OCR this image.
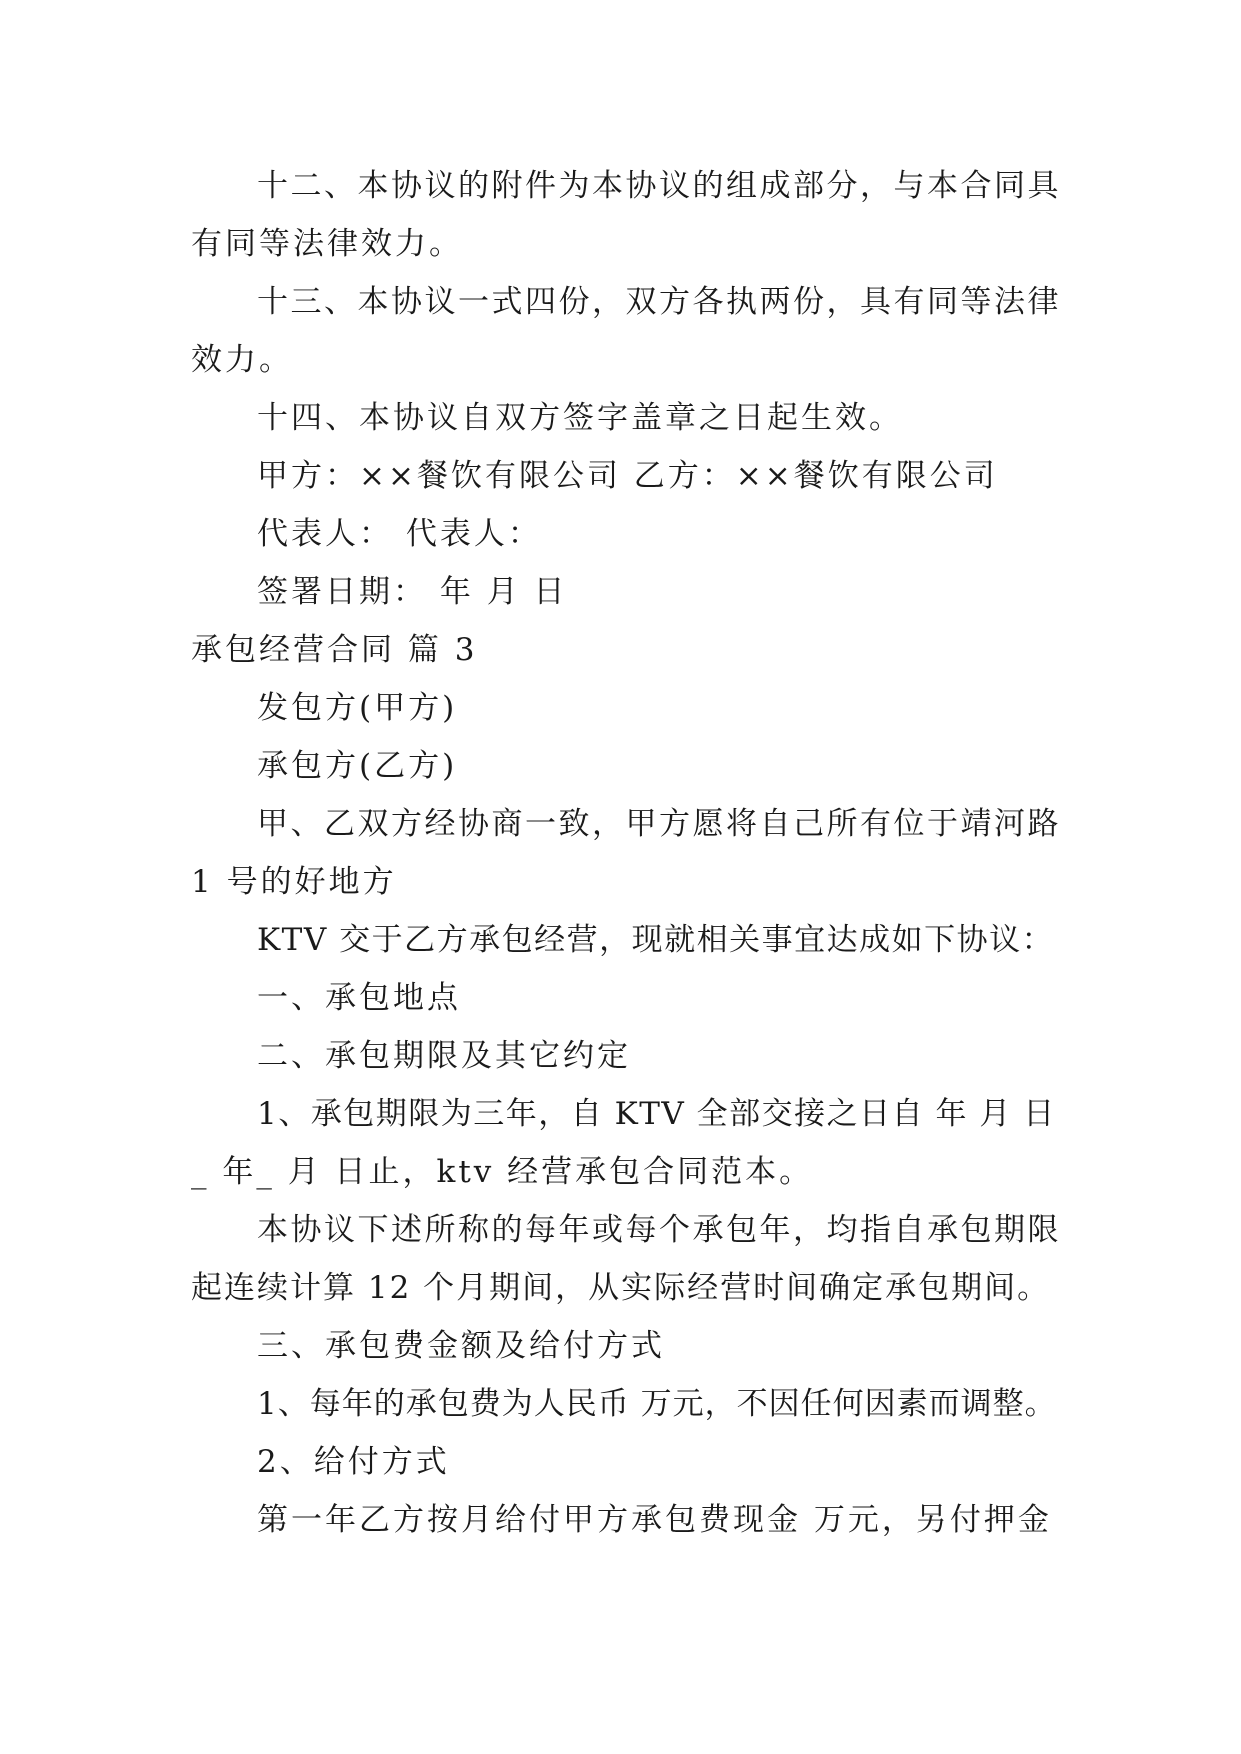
十二、本协议的附件为本协议的组成部分，与本合同具
有同等法律效力。
十三、本协议一式四份，双方各执两份，具有同等法律
效力。
十四、本协议自双方签字盖章之日起生效。
甲方：××餐饮有限公司 乙方：××餐饮有限公司
代表人： 代表人：
签署日期： 年 月 日
承包经营合同 篇 3
发包方(甲方)
承包方(乙方)
甲、乙双方经协商一致，甲方愿将自己所有位于靖河路
1 号的好地方
KTV 交于乙方承包经营，现就相关事宜达成如下协议：
一、承包地点
二、承包期限及其它约定
1、承包期限为三年，自 KTV 全部交接之日自 年 月 日
_ 年_ 月 日止，ktv 经营承包合同范本。
本协议下述所称的每年或每个承包年，均指自承包期限
起连续计算 12 个月期间，从实际经营时间确定承包期间。
三、承包费金额及给付方式
1、每年的承包费为人民币 万元，不因任何因素而调整。
2、给付方式
第一年乙方按月给付甲方承包费现金 万元，另付押金
